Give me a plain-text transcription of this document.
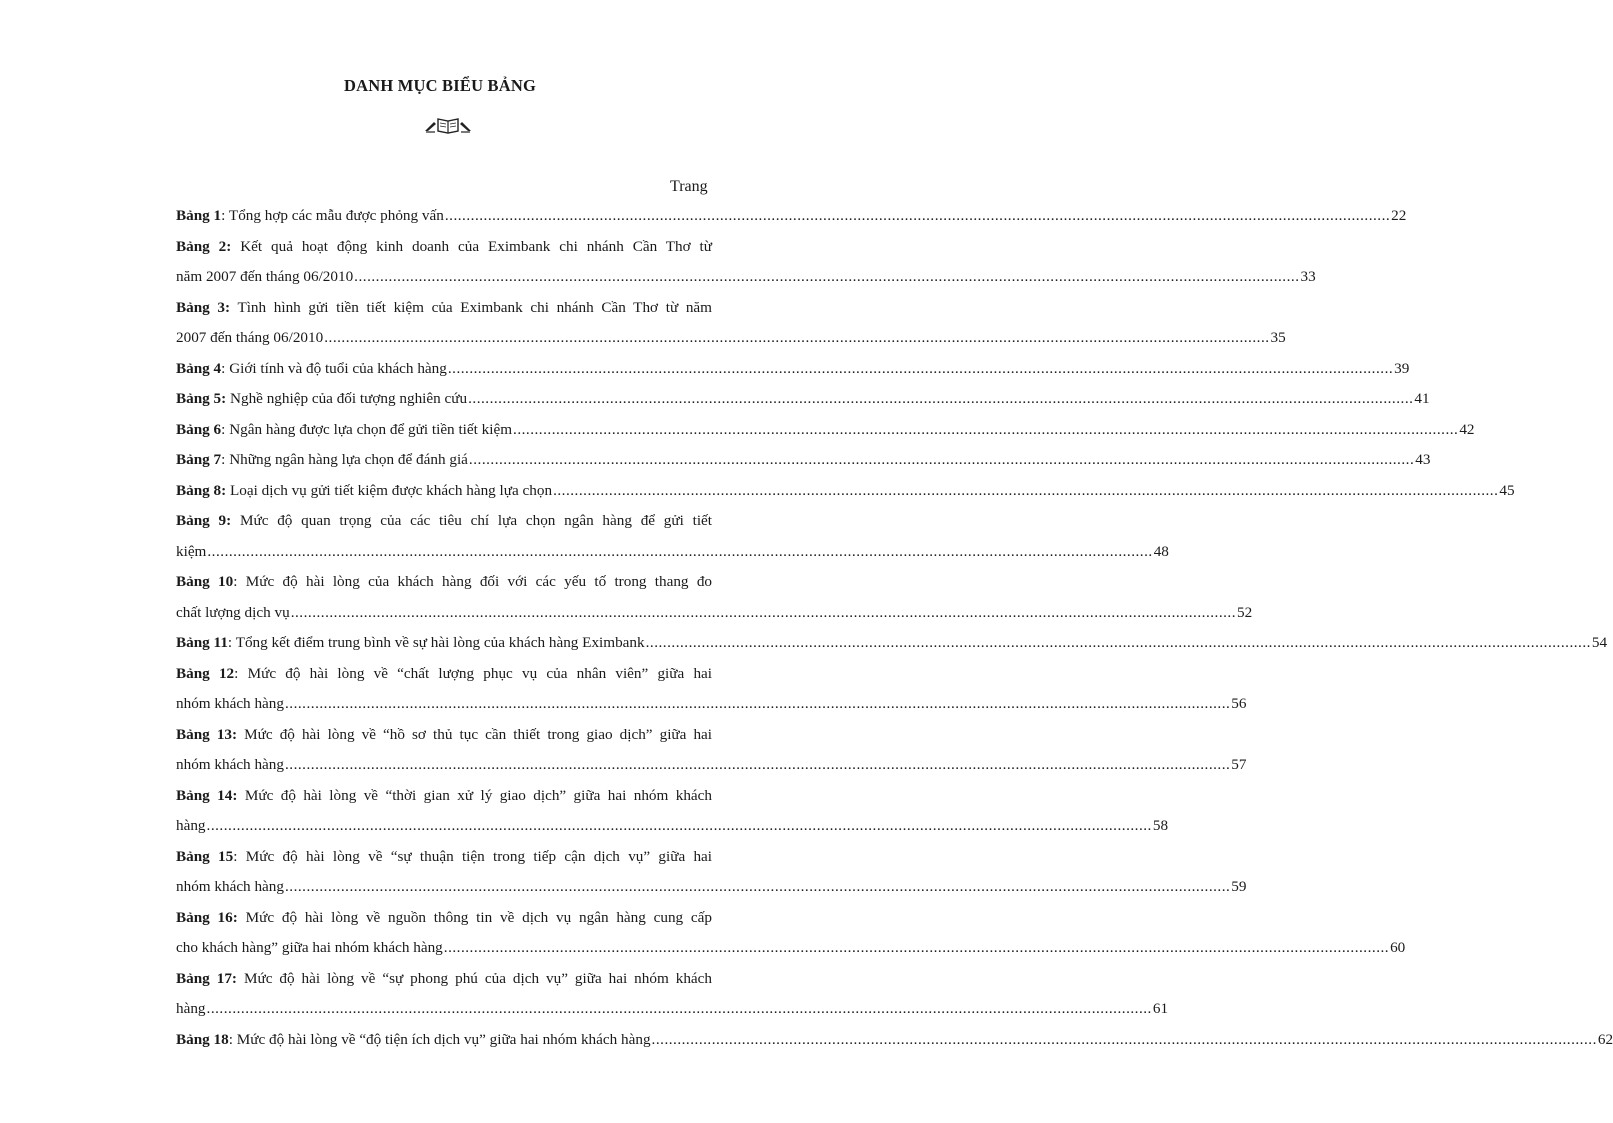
DANH MỤC BIỂU BẢNG
Trang
Bảng 1: Tổng hợp các mẫu được phỏng vấn ............................................................................................................................................................................................................................ 22
Bảng 2: Kết quả hoạt động kinh doanh của Eximbank chi nhánh Cần Thơ từ
năm 2007 đến tháng 06/2010 ............................................................................................................................................................................................................................ 33
Bảng 3: Tình hình gửi tiền tiết kiệm của Eximbank chi nhánh Cần Thơ từ năm
2007 đến tháng 06/2010 ............................................................................................................................................................................................................................ 35
Bảng 4: Giới tính và độ tuổi của khách hàng ............................................................................................................................................................................................................................ 39
Bảng 5: Nghề nghiệp của đối tượng nghiên cứu ............................................................................................................................................................................................................................ 41
Bảng 6: Ngân hàng được lựa chọn để gửi tiền tiết kiệm ............................................................................................................................................................................................................................ 42
Bảng 7: Những ngân hàng lựa chọn để đánh giá ............................................................................................................................................................................................................................ 43
Bảng 8: Loại dịch vụ gửi tiết kiệm được khách hàng lựa chọn ............................................................................................................................................................................................................................ 45
Bảng 9: Mức độ quan trọng của các tiêu chí lựa chọn ngân hàng để gửi tiết
kiệm ............................................................................................................................................................................................................................ 48
Bảng 10: Mức độ hài lòng của khách hàng đối với các yếu tố trong thang đo
chất lượng dịch vụ ............................................................................................................................................................................................................................ 52
Bảng 11: Tổng kết điểm trung bình về sự hài lòng của khách hàng Eximbank ............................................................................................................................................................................................................................ 54
Bảng 12: Mức độ hài lòng về “chất lượng phục vụ của nhân viên” giữa hai
nhóm khách hàng ............................................................................................................................................................................................................................ 56
Bảng 13: Mức độ hài lòng về “hồ sơ thủ tục cần thiết trong giao dịch” giữa hai
nhóm khách hàng ............................................................................................................................................................................................................................ 57
Bảng 14: Mức độ hài lòng về “thời gian xử lý giao dịch” giữa hai nhóm khách
hàng ............................................................................................................................................................................................................................ 58
Bảng 15: Mức độ hài lòng về “sự thuận tiện trong tiếp cận dịch vụ” giữa hai
nhóm khách hàng ............................................................................................................................................................................................................................ 59
Bảng 16: Mức độ hài lòng về nguồn thông tin về dịch vụ ngân hàng cung cấp
cho khách hàng” giữa hai nhóm khách hàng ............................................................................................................................................................................................................................ 60
Bảng 17: Mức độ hài lòng về “sự phong phú của dịch vụ” giữa hai nhóm khách
hàng ............................................................................................................................................................................................................................ 61
Bảng 18: Mức độ hài lòng về “độ tiện ích dịch vụ” giữa hai nhóm khách hàng ............................................................................................................................................................................................................................ 62
